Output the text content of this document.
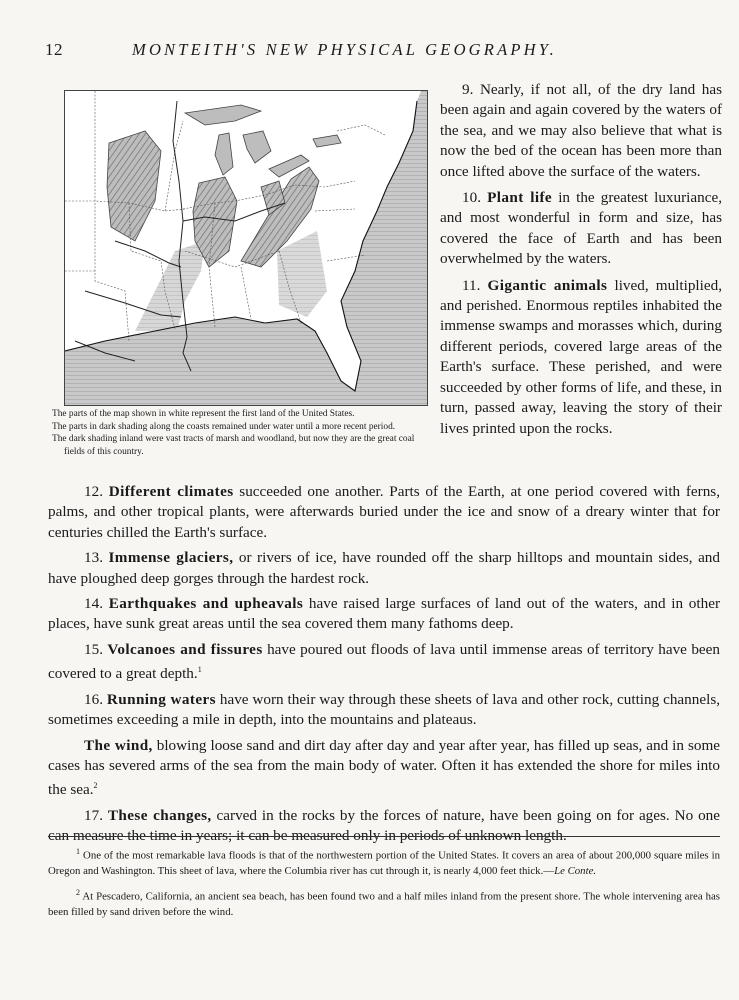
12	MONTEITH'S NEW PHYSICAL GEOGRAPHY.

The parts of the map shown in white represent the first land of the United States.

The parts in dark shading along the coasts remained under water until a more recent period.

The dark shading inland were vast tracts of marsh and woodland, but now they are the great coal fields of this country.

9. Nearly, if not all, of the dry land has been again and again covered by the waters of the sea, and we may also believe that what is now the bed of the ocean has been more than once lifted above the surface of the waters.

10. Plant life in the greatest luxuriance, and most wonderful in form and size, has covered the face of Earth and has been overwhelmed by the waters.

11. Gigantic animals lived, multiplied, and perished. Enormous reptiles inhabited the immense swamps and morasses which, during different periods, covered large areas of the Earth's surface. These perished, and were succeeded by other forms of life, and these, in turn, passed away, leaving the story of their lives printed upon the rocks.

12. Different climates succeeded one another. Parts of the Earth, at one period covered with ferns, palms, and other tropical plants, were afterwards buried under the ice and snow of a dreary winter that for centuries chilled the Earth's surface.

13. Immense glaciers, or rivers of ice, have rounded off the sharp hilltops and mountain sides, and have ploughed deep gorges through the hardest rock.

14. Earthquakes and upheavals have raised large surfaces of land out of the waters, and in other places, have sunk great areas until the sea covered them many fathoms deep.

15. Volcanoes and fissures have poured out floods of lava until immense areas of territory have been covered to a great depth.$^1$

16. Running waters have worn their way through these sheets of lava and other rock, cutting channels, sometimes exceeding a mile in depth, into the mountains and plateaus.

The wind, blowing loose sand and dirt day after day and year after year, has filled up seas, and in some cases has severed arms of the sea from the main body of water. Often it has extended the shore for miles into the sea.$^2$

17. These changes, carved in the rocks by the forces of nature, have been going on for ages. No one can measure the time in years; it can be measured only in periods of unknown length.

$^1$ One of the most remarkable lava floods is that of the northwestern portion of the United States. It covers an area of about 200,000 square miles in Oregon and Washington. This sheet of lava, where the Columbia river has cut through it, is nearly 4,000 feet thick.—Le Conte.

$^2$ At Pescadero, California, an ancient sea beach, has been found two and a half miles inland from the present shore. The whole intervening area has been filled by sand driven before the wind.
